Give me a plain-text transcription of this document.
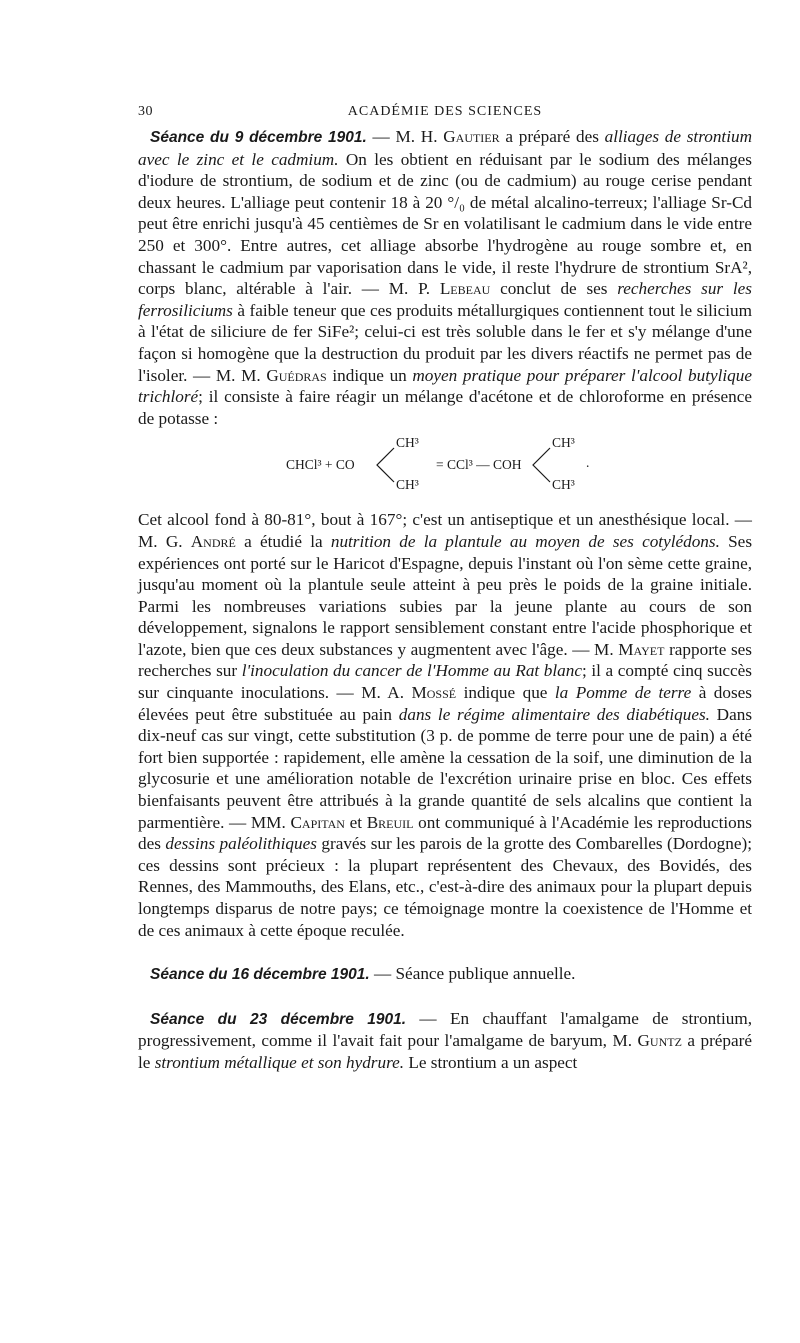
30	ACADÉMIE DES SCIENCES

Séance du 9 décembre 1901. — M. H. Gautier a préparé des alliages de strontium avec le zinc et le cadmium. On les obtient en réduisant par le sodium des mélanges d'iodure de strontium, de sodium et de zinc (ou de cadmium) au rouge cerise pendant deux heures. L'alliage peut contenir 18 à 20 °/₀ de métal alcalino-terreux; l'alliage Sr-Cd peut être enrichi jusqu'à 45 centièmes de Sr en volatilisant le cadmium dans le vide entre 250 et 300°. Entre autres, cet alliage absorbe l'hydrogène au rouge sombre et, en chassant le cadmium par vaporisation dans le vide, il reste l'hydrure de strontium SrA², corps blanc, altérable à l'air. — M. P. Lebeau conclut de ses recherches sur les ferrosiliciums à faible teneur que ces produits métallurgiques contiennent tout le silicium à l'état de siliciure de fer SiFe²; celui-ci est très soluble dans le fer et s'y mélange d'une façon si homogène que la destruction du produit par les divers réactifs ne permet pas de l'isoler. — M. M. Guédras indique un moyen pratique pour préparer l'alcool butylique trichloré; il consiste à faire réagir un mélange d'acétone et de chloroforme en présence de potasse :

CHCl³ + CO
CH³
CH³
= CCl³ — COH
CH³
CH³
.

Cet alcool fond à 80-81°, bout à 167°; c'est un antiseptique et un anesthésique local. — M. G. André a étudié la nutrition de la plantule au moyen de ses cotylédons. Ses expériences ont porté sur le Haricot d'Espagne, depuis l'instant où l'on sème cette graine, jusqu'au moment où la plantule seule atteint à peu près le poids de la graine initiale. Parmi les nombreuses variations subies par la jeune plante au cours de son développement, signalons le rapport sensiblement constant entre l'acide phosphorique et l'azote, bien que ces deux substances y augmentent avec l'âge. — M. Mayet rapporte ses recherches sur l'inoculation du cancer de l'Homme au Rat blanc; il a compté cinq succès sur cinquante inoculations. — M. A. Mossé indique que la Pomme de terre à doses élevées peut être substituée au pain dans le régime alimentaire des diabétiques. Dans dix-neuf cas sur vingt, cette substitution (3 p. de pomme de terre pour une de pain) a été fort bien supportée : rapidement, elle amène la cessation de la soif, une diminution de la glycosurie et une amélioration notable de l'excrétion urinaire prise en bloc. Ces effets bienfaisants peuvent être attribués à la grande quantité de sels alcalins que contient la parmentière. — MM. Capitan et Breuil ont communiqué à l'Académie les reproductions des dessins paléolithiques gravés sur les parois de la grotte des Combarelles (Dordogne); ces dessins sont précieux : la plupart représentent des Chevaux, des Bovidés, des Rennes, des Mammouths, des Elans, etc., c'est-à-dire des animaux pour la plupart depuis longtemps disparus de notre pays; ce témoignage montre la coexistence de l'Homme et de ces animaux à cette époque reculée.

Séance du 16 décembre 1901. — Séance publique annuelle.

Séance du 23 décembre 1901. — En chauffant l'amalgame de strontium, progressivement, comme il l'avait fait pour l'amalgame de baryum, M. Guntz a préparé le strontium métallique et son hydrure. Le strontium a un aspect
